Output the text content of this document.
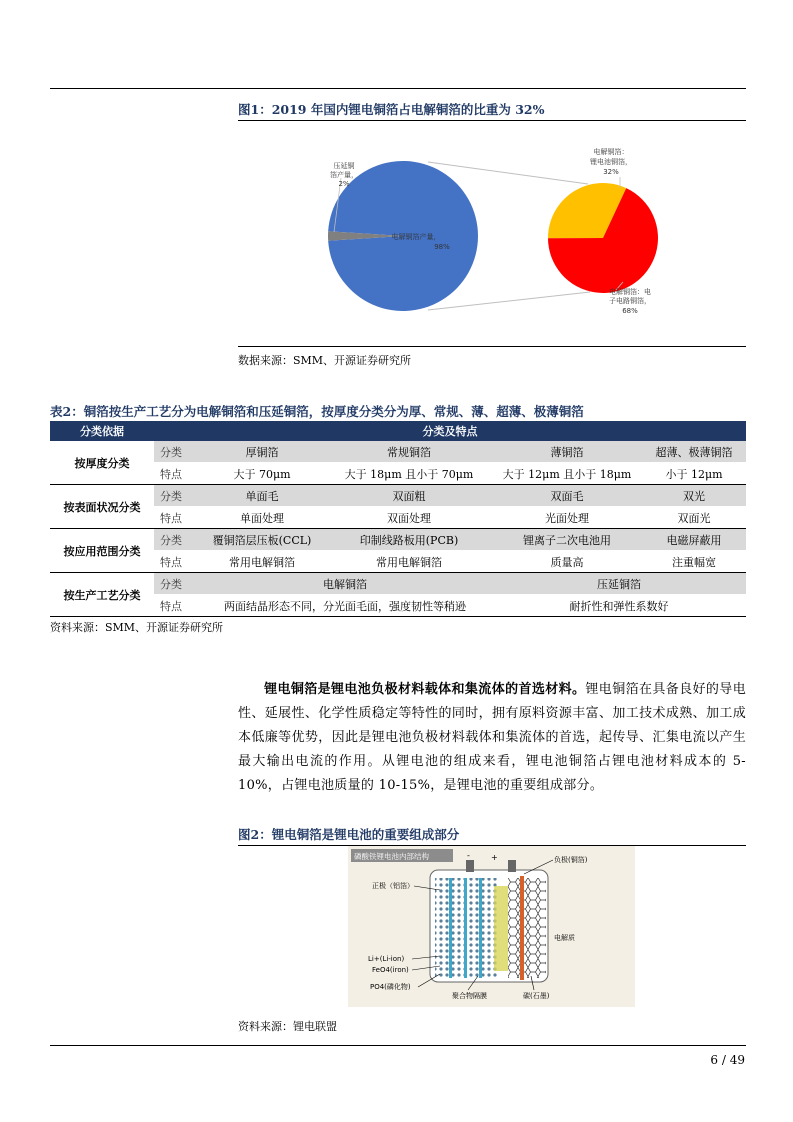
图1：2019 年国内锂电铜箔占电解铜箔的比重为 32%
电解铜箔产量，
98%
压延铜
箔产量，
2%
电解铜箔：
锂电池铜箔，
32%
电解铜箔：电
子电路铜箔，
68%
数据来源：SMM、开源证券研究所
表2：铜箔按生产工艺分为电解铜箔和压延铜箔，按厚度分类分为厚、常规、薄、超薄、极薄铜箔
分类依据	分类及特点				
按厚度分类	分类	厚铜箔	常规铜箔	薄铜箔	超薄、极薄铜箔
	特点	大于 70μm	大于 18μm 且小于 70μm	大于 12μm 且小于 18μm	小于 12μm
按表面状况分类	分类	单面毛	双面粗	双面毛	双光
	特点	单面处理	双面处理	光面处理	双面光
按应用范围分类	分类	覆铜箔层压板(CCL)	印制线路板用(PCB)	锂离子二次电池用	电磁屏蔽用
	特点	常用电解铜箔	常用电解铜箔	质量高	注重幅宽
按生产工艺分类	分类	电解铜箔		压延铜箔	
	特点	两面结晶形态不同，分光面毛面，强度韧性等稍逊		耐折性和弹性系数好	
资料来源：SMM、开源证券研究所
锂电铜箔是锂电池负极材料载体和集流体的首选材料。锂电铜箔在具备良好的导电性、延展性、化学性质稳定等特性的同时，拥有原料资源丰富、加工技术成熟、加工成本低廉等优势，因此是锂电池负极材料载体和集流体的首选，起传导、汇集电流以产生最大输出电流的作用。从锂电池的组成来看，锂电池铜箔占锂电池材料成本的 5-10%，占锂电池质量的 10-15%，是锂电池的重要组成部分。
图2：锂电铜箔是锂电池的重要组成部分
磷酸铁锂电池内部结构	+
-
正极（铝箔）
负极(铜箔)
电解质
Li+(Li-ion)
FeO4(iron)
PO4(磷化物)
聚合物隔膜	碳(石墨)
资料来源：锂电联盟
6 / 49
